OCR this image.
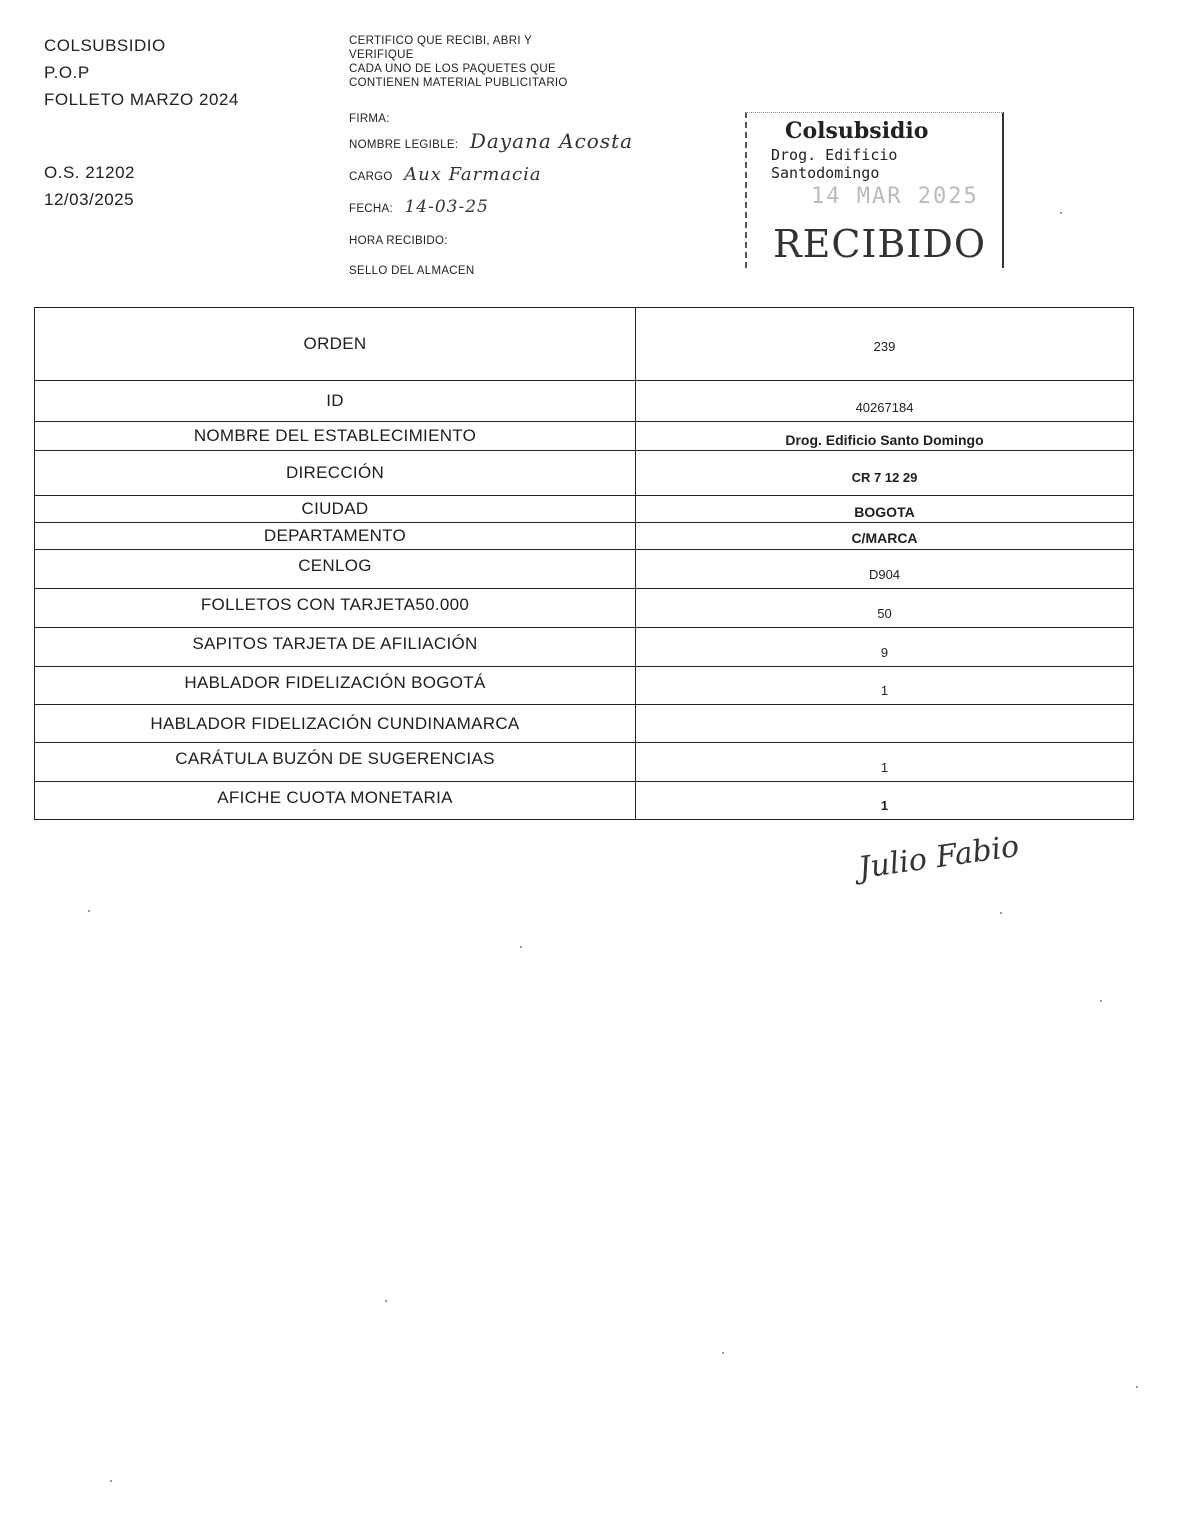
COLSUBSIDIO
P.O.P
FOLLETO MARZO 2024
O.S. 21202
12/03/2025
CERTIFICO QUE RECIBI, ABRI Y
VERIFIQUE
CADA UNO DE LOS PAQUETES QUE
CONTIENEN MATERIAL PUBLICITARIO
FIRMA:
NOMBRE LEGIBLE: Dayana Acosta
CARGO Aux Farmacia
FECHA: 14-03-25
HORA RECIBIDO:
SELLO DEL ALMACEN
Colsubsidio
Drog. Edificio Santodomingo
14 MAR 2025
RECIBIDO
ORDEN	239
ID	40267184
NOMBRE DEL ESTABLECIMIENTO	Drog. Edificio Santo Domingo
DIRECCIÓN	CR 7 12 29
CIUDAD	BOGOTA
DEPARTAMENTO	C/MARCA
CENLOG	D904
FOLLETOS CON TARJETA50.000	50
SAPITOS TARJETA DE AFILIACIÓN	9
HABLADOR FIDELIZACIÓN BOGOTÁ	1
HABLADOR FIDELIZACIÓN CUNDINAMARCA	
CARÁTULA BUZÓN DE SUGERENCIAS	1
AFICHE CUOTA MONETARIA	1
Julio Fabio
